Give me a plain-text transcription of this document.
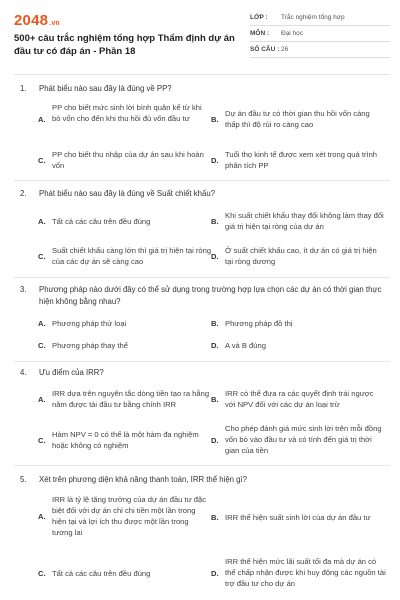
2048.vn
500+ câu trắc nghiệm tổng hợp Thẩm định dự án đầu tư có đáp án - Phần 18
LỚP :	Trắc nghiệm tổng hợp
MÔN :	Đại học
SỐ CÂU : 26
1. Phát biểu nào sau đây là đúng về PP?
A.
PP cho biết mức sinh lời bình quân kể từ khi bỏ vốn cho đến khi thu hồi đủ vốn đầu tư	B.
Dự án đầu tư có thời gian thu hồi vốn càng thấp thì độ rủi ro càng cao
C.
PP cho biết thu nhập của dự án sau khi hoàn vốn
D.
Tuổi thọ kinh tế được xem xét trong quá trình phân tích PP
2. Phát biểu nào sau đây là đúng về Suất chiết khấu?
A. Tất cả các câu trên đều đúng	B.
Khi suất chiết khấu thay đổi không làm thay đổi giá trị hiện tại ròng của dự án
C.
Suất chiết khấu càng lớn thì giá trị hiện tại ròng của các dự án sẽ càng cao
D.
Ở suất chiết khấu cao, ít dự án có giá trị hiện tại ròng dương
3. Phương pháp nào dưới đây có thể sử dụng trong trường hợp lựa chọn các dự án có thời gian thực hiện không bằng nhau?
A. Phương pháp thử loại	B. Phương pháp đồ thị
C. Phương pháp thay thế	D. A và B đúng
4. Ưu điểm của IRR?
A.
IRR dựa trên nguyên tắc dòng tiền tạo ra hằng năm được tái đầu tư bằng chính IRR
B.
IRR có thể đưa ra các quyết định trái ngược với NPV đối với các dự án loại trừ
C.
Hàm NPV = 0 có thể là một hàm đa nghiệm hoặc không có nghiệm
D.
Cho phép đánh giá mức sinh lời trên mỗi đồng vốn bỏ vào đầu tư và có tính đến giá trị thời gian của tiền
5. Xét trên phương diện khả năng thanh toán, IRR thể hiện gì?
A.
IRR là tỷ lệ tăng trưởng của dự án đầu tư đặc biệt đối với dự án chỉ chi tiền một lần trong hiện tại và lợi ích thu được một lần trong tương lai
B. IRR thể hiện suất sinh lời của dự án đầu tư
C. Tất cả các câu trên đều đúng	D.
IRR thể hiện mức lãi suất tối đa mà dự án có thể chấp nhận được khi huy động các nguồn tài trợ đầu tư cho dự án
